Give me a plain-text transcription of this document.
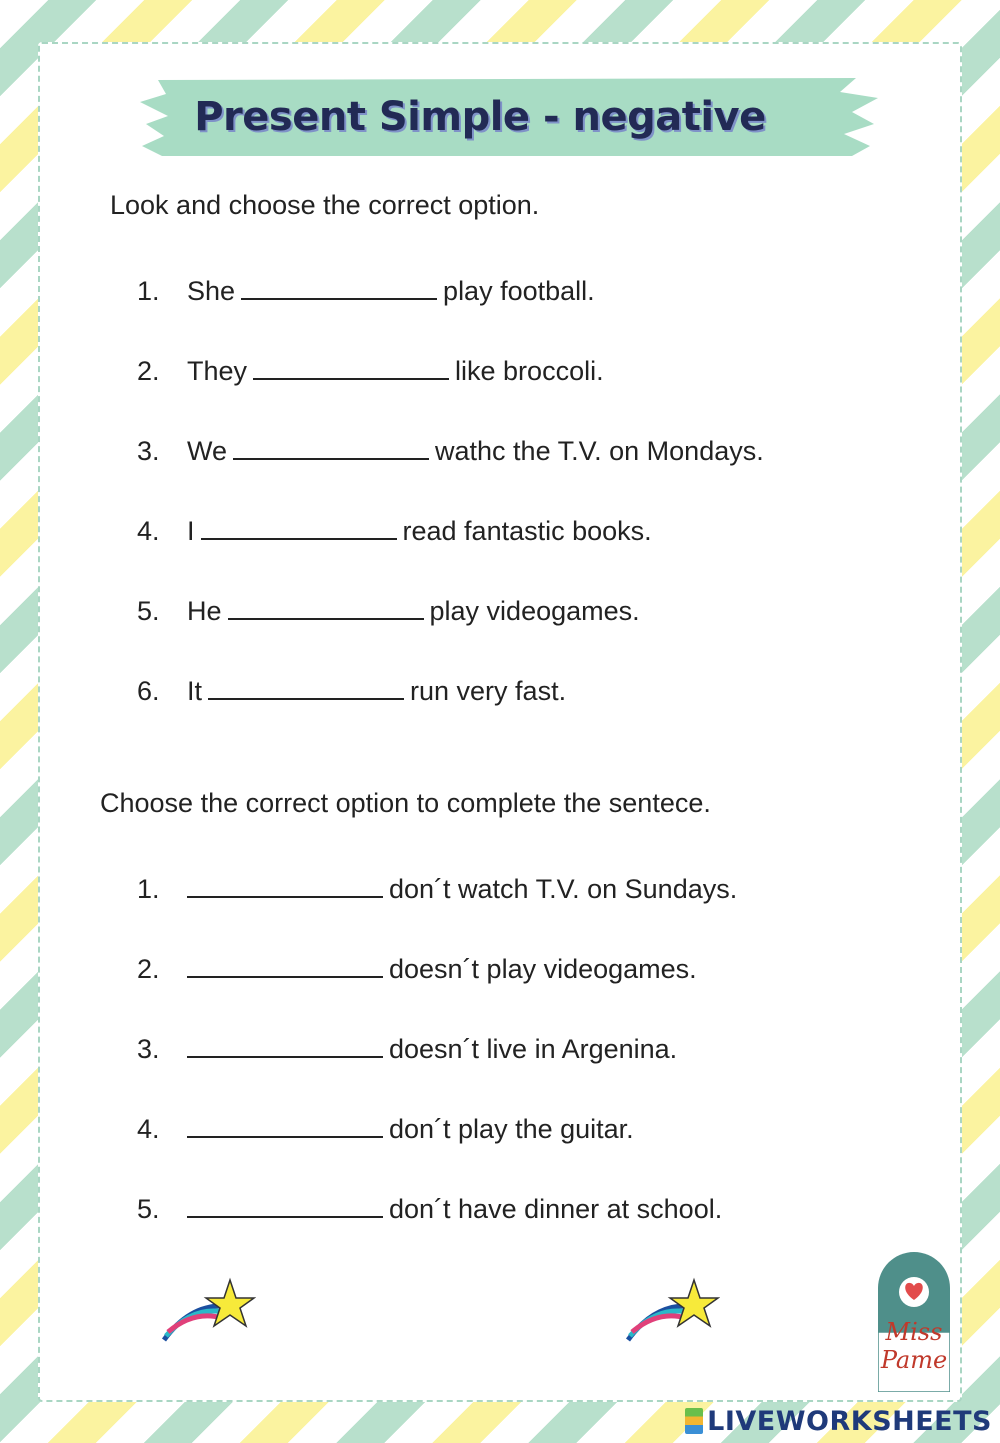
Present Simple - negative
Look and choose the correct option.
1. She	play football.
2. They	like broccoli.
3. We	wathc the T.V. on Mondays.
4. I	read fantastic books.
5. He	play videogames.
6. It	run very fast.
Choose the correct option to complete the sentece.
1.	don´t watch T.V. on Sundays.
2.	doesn´t play videogames.
3.	doesn´t live in Argenina.
4.	don´t play the guitar.
5.	don´t have dinner at school.
Miss
Pame
LIVEWORKSHEETS
